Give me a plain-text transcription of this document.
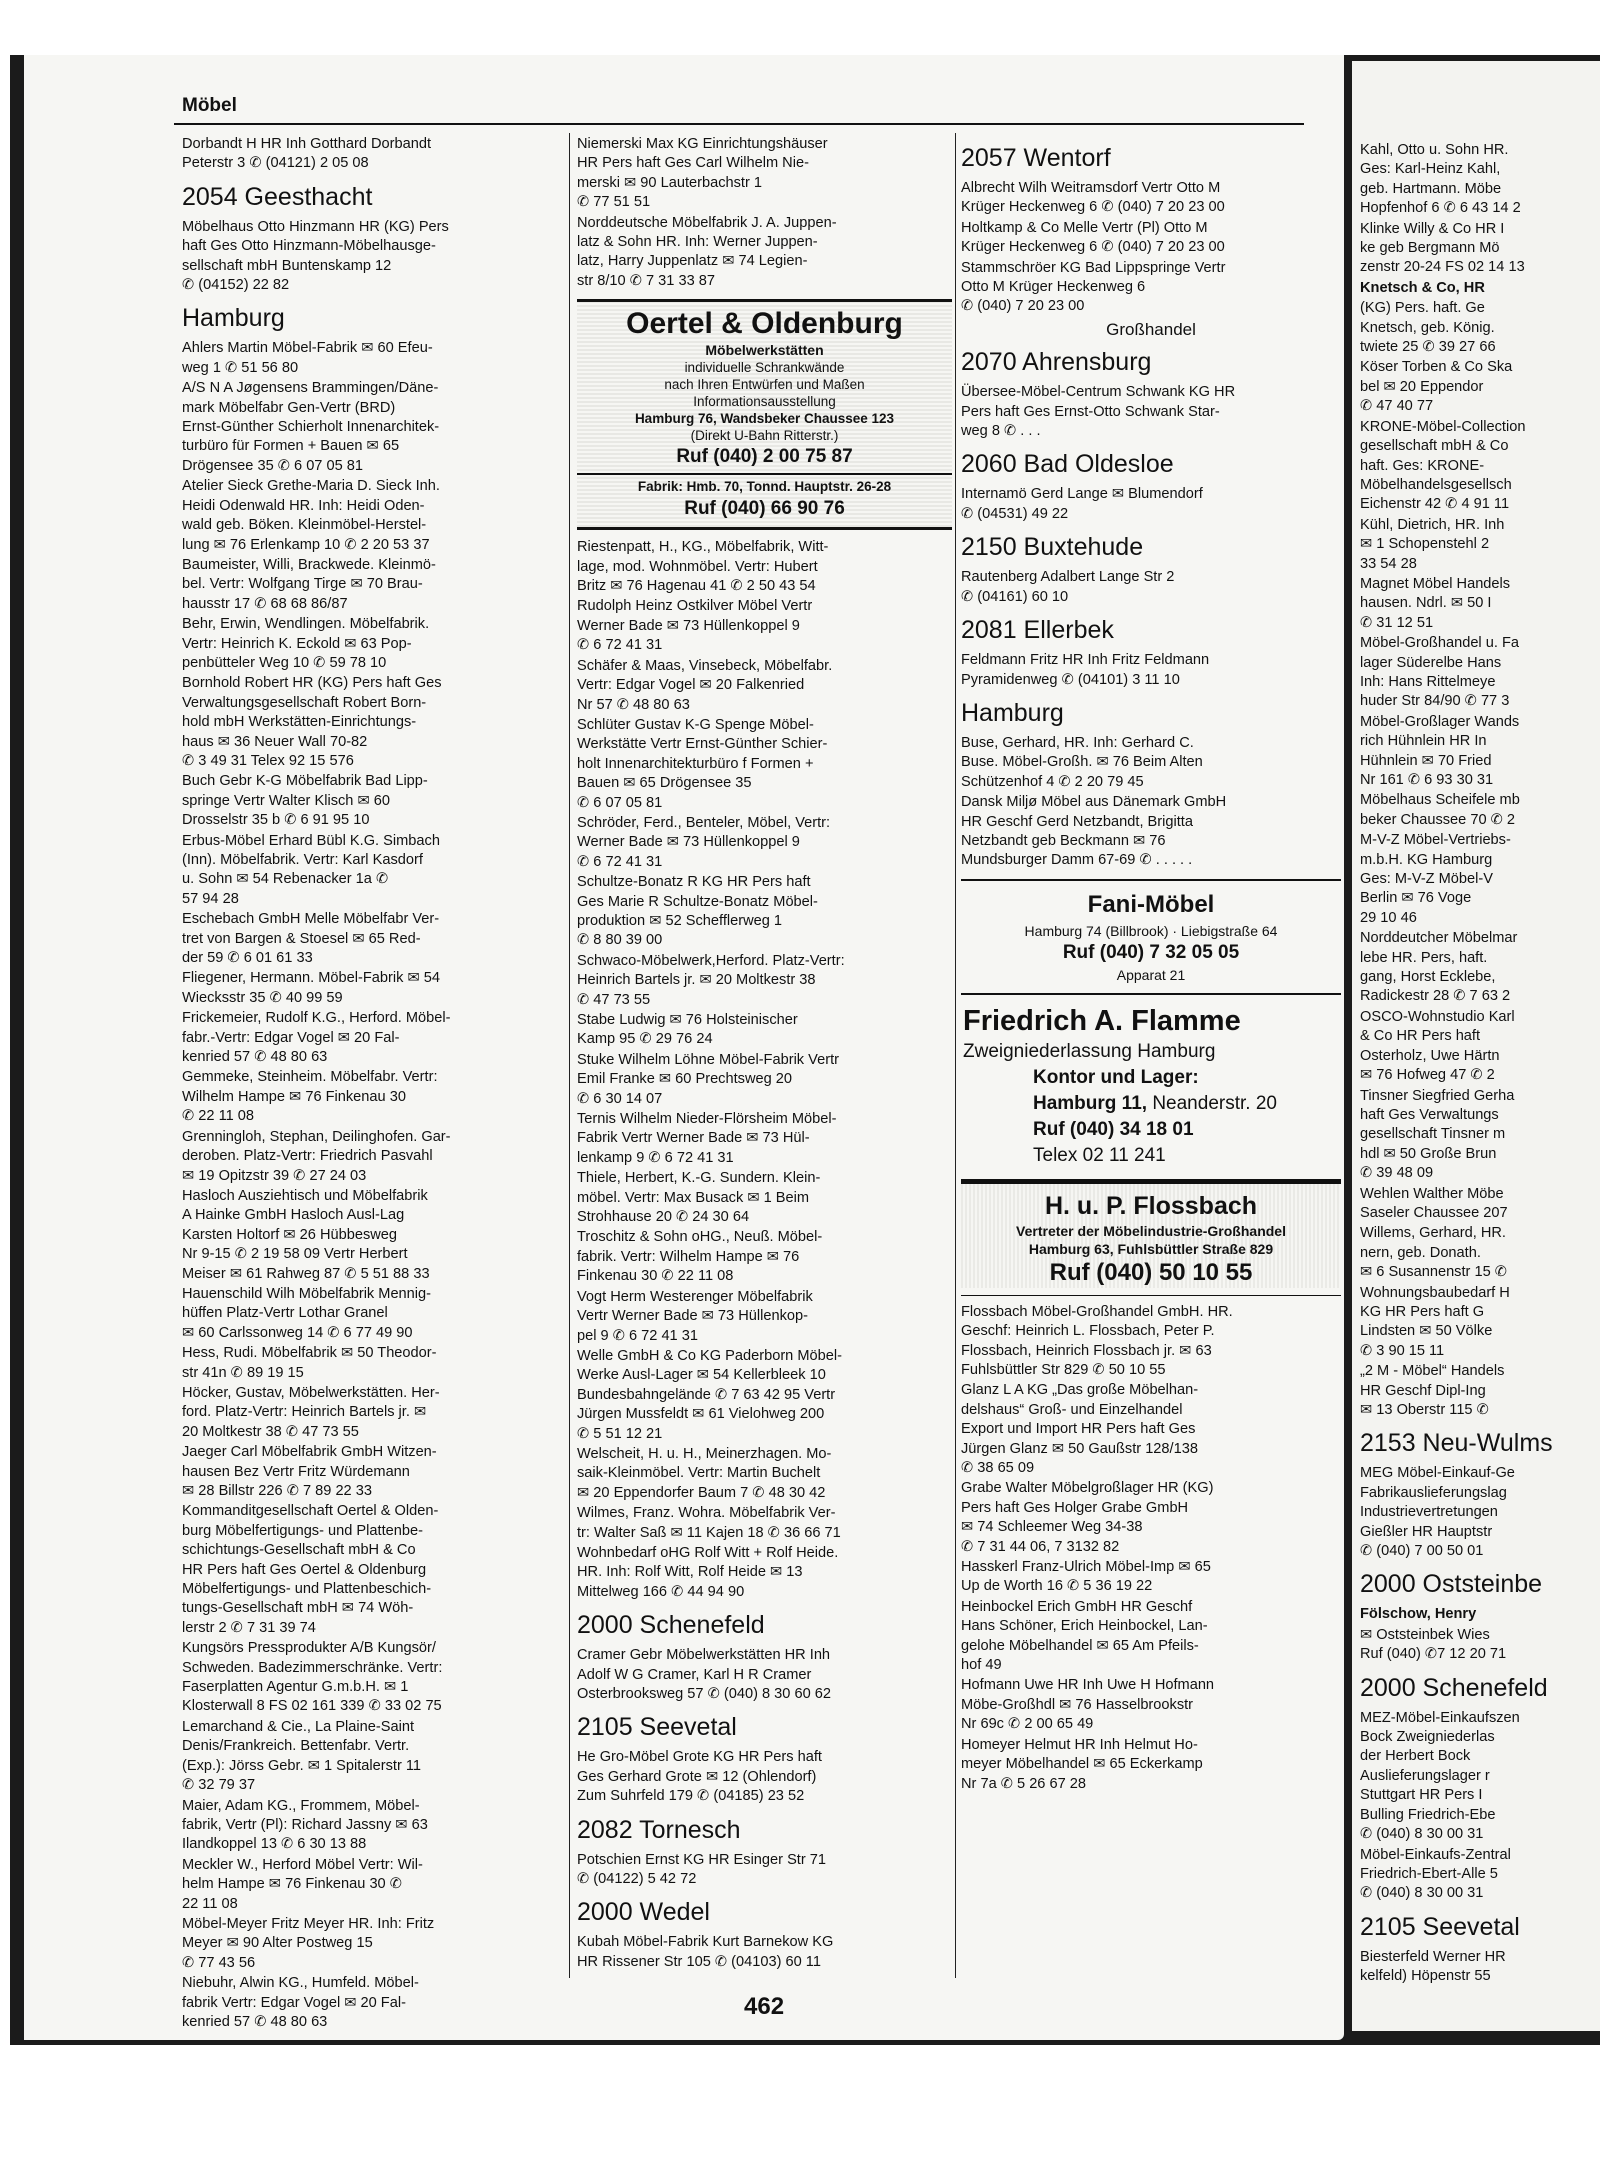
Möbel
Dorbandt H HR Inh Gotthard Dorbandt
Peterstr 3 ✆ (04121) 2 05 08
2054 Geesthacht
Möbelhaus Otto Hinzmann HR (KG) Pers
haft Ges Otto Hinzmann-Möbelhausge-
sellschaft mbH Buntenskamp 12
✆ (04152) 22 82
Hamburg
Ahlers Martin Möbel-Fabrik ✉ 60 Efeu-
weg 1 ✆ 51 56 80
A/S N A Jøgensens Brammingen/Däne-
mark Möbelfabr Gen-Vertr (BRD)
Ernst-Günther Schierholt Innenarchitek-
turbüro für Formen + Bauen ✉ 65
Drögensee 35 ✆ 6 07 05 81
Atelier Sieck Grethe-Maria D. Sieck Inh.
Heidi Odenwald HR. Inh: Heidi Oden-
wald geb. Böken. Kleinmöbel-Herstel-
lung ✉ 76 Erlenkamp 10 ✆ 2 20 53 37
Baumeister, Willi, Brackwede. Kleinmö-
bel. Vertr: Wolfgang Tirge ✉ 70 Brau-
hausstr 17 ✆ 68 68 86/87
Behr, Erwin, Wendlingen. Möbelfabrik.
Vertr: Heinrich K. Eckold ✉ 63 Pop-
penbütteler Weg 10 ✆ 59 78 10
Bornhold Robert HR (KG) Pers haft Ges
Verwaltungsgesellschaft Robert Born-
hold mbH Werkstätten-Einrichtungs-
haus ✉ 36 Neuer Wall 70-82
✆ 3 49 31 Telex 92 15 576
Buch Gebr K-G Möbelfabrik Bad Lipp-
springe Vertr Walter Klisch ✉ 60
Drosselstr 35 b ✆ 6 91 95 10
Erbus-Möbel Erhard Bübl K.G. Simbach
(Inn). Möbelfabrik. Vertr: Karl Kasdorf
u. Sohn ✉ 54 Rebenacker 1a ✆
57 94 28
Eschebach GmbH Melle Möbelfabr Ver-
tret von Bargen & Stoesel ✉ 65 Red-
der 59 ✆ 6 01 61 33
Fliegener, Hermann. Möbel-Fabrik ✉ 54
Wiecksstr 35 ✆ 40 99 59
Frickemeier, Rudolf K.G., Herford. Möbel-
fabr.-Vertr: Edgar Vogel ✉ 20 Fal-
kenried 57 ✆ 48 80 63
Gemmeke, Steinheim. Möbelfabr. Vertr:
Wilhelm Hampe ✉ 76 Finkenau 30
✆ 22 11 08
Grenningloh, Stephan, Deilinghofen. Gar-
deroben. Platz-Vertr: Friedrich Pasvahl
✉ 19 Opitzstr 39 ✆ 27 24 03
Hasloch Ausziehtisch und Möbelfabrik
A Hainke GmbH Hasloch Ausl-Lag
Karsten Holtorf ✉ 26 Hübbesweg
Nr 9-15 ✆ 2 19 58 09 Vertr Herbert
Meiser ✉ 61 Rahweg 87 ✆ 5 51 88 33
Hauenschild Wilh Möbelfabrik Mennig-
hüffen Platz-Vertr Lothar Granel
✉ 60 Carlssonweg 14 ✆ 6 77 49 90
Hess, Rudi. Möbelfabrik ✉ 50 Theodor-
str 41n ✆ 89 19 15
Höcker, Gustav, Möbelwerkstätten. Her-
ford. Platz-Vertr: Heinrich Bartels jr. ✉
20 Moltkestr 38 ✆ 47 73 55
Jaeger Carl Möbelfabrik GmbH Witzen-
hausen Bez Vertr Fritz Würdemann
✉ 28 Billstr 226 ✆ 7 89 22 33
Kommanditgesellschaft Oertel & Olden-
burg Möbelfertigungs- und Plattenbe-
schichtungs-Gesellschaft mbH & Co
HR Pers haft Ges Oertel & Oldenburg
Möbelfertigungs- und Plattenbeschich-
tungs-Gesellschaft mbH ✉ 74 Wöh-
lerstr 2 ✆ 7 31 39 74
Kungsörs Pressprodukter A/B Kungsör/
Schweden. Badezimmerschränke. Vertr:
Faserplatten Agentur G.m.b.H. ✉ 1
Klosterwall 8 FS 02 161 339 ✆ 33 02 75
Lemarchand & Cie., La Plaine-Saint
Denis/Frankreich. Bettenfabr. Vertr.
(Exp.): Jörss Gebr. ✉ 1 Spitalerstr 11
✆ 32 79 37
Maier, Adam KG., Frommem, Möbel-
fabrik, Vertr (Pl): Richard Jassny ✉ 63
Ilandkoppel 13 ✆ 6 30 13 88
Meckler W., Herford Möbel Vertr: Wil-
helm Hampe ✉ 76 Finkenau 30 ✆
22 11 08
Möbel-Meyer Fritz Meyer HR. Inh: Fritz
Meyer ✉ 90 Alter Postweg 15
✆ 77 43 56
Niebuhr, Alwin KG., Humfeld. Möbel-
fabrik Vertr: Edgar Vogel ✉ 20 Fal-
kenried 57 ✆ 48 80 63
Niemerski Max KG Einrichtungshäuser
HR Pers haft Ges Carl Wilhelm Nie-
merski ✉ 90 Lauterbachstr 1
✆ 77 51 51
Norddeutsche Möbelfabrik J. A. Juppen-
latz & Sohn HR. Inh: Werner Juppen-
latz, Harry Juppenlatz ✉ 74 Legien-
str 8/10 ✆ 7 31 33 87
Oertel & Oldenburg
Möbelwerkstätten
individuelle Schrankwände
nach Ihren Entwürfen und Maßen
Informationsausstellung
Hamburg 76, Wandsbeker Chaussee 123
(Direkt U-Bahn Ritterstr.)
Ruf (040) 2 00 75 87
Fabrik: Hmb. 70, Tonnd. Hauptstr. 26-28
Ruf (040) 66 90 76
Riestenpatt, H., KG., Möbelfabrik, Witt-
lage, mod. Wohnmöbel. Vertr: Hubert
Britz ✉ 76 Hagenau 41 ✆ 2 50 43 54
Rudolph Heinz Ostkilver Möbel Vertr
Werner Bade ✉ 73 Hüllenkoppel 9
✆ 6 72 41 31
Schäfer & Maas, Vinsebeck, Möbelfabr.
Vertr: Edgar Vogel ✉ 20 Falkenried
Nr 57 ✆ 48 80 63
Schlüter Gustav K-G Spenge Möbel-
Werkstätte Vertr Ernst-Günther Schier-
holt Innenarchitekturbüro f Formen +
Bauen ✉ 65 Drögensee 35
✆ 6 07 05 81
Schröder, Ferd., Benteler, Möbel, Vertr:
Werner Bade ✉ 73 Hüllenkoppel 9
✆ 6 72 41 31
Schultze-Bonatz R KG HR Pers haft
Ges Marie R Schultze-Bonatz Möbel-
produktion ✉ 52 Schefflerweg 1
✆ 8 80 39 00
Schwaco-Möbelwerk,Herford. Platz-Vertr:
Heinrich Bartels jr. ✉ 20 Moltkestr 38
✆ 47 73 55
Stabe Ludwig ✉ 76 Holsteinischer
Kamp 95 ✆ 29 76 24
Stuke Wilhelm Löhne Möbel-Fabrik Vertr
Emil Franke ✉ 60 Prechtsweg 20
✆ 6 30 14 07
Ternis Wilhelm Nieder-Flörsheim Möbel-
Fabrik Vertr Werner Bade ✉ 73 Hül-
lenkamp 9 ✆ 6 72 41 31
Thiele, Herbert, K.-G. Sundern. Klein-
möbel. Vertr: Max Busack ✉ 1 Beim
Strohhause 20 ✆ 24 30 64
Troschitz & Sohn oHG., Neuß. Möbel-
fabrik. Vertr: Wilhelm Hampe ✉ 76
Finkenau 30 ✆ 22 11 08
Vogt Herm Westerenger Möbelfabrik
Vertr Werner Bade ✉ 73 Hüllenkop-
pel 9 ✆ 6 72 41 31
Welle GmbH & Co KG Paderborn Möbel-
Werke Ausl-Lager ✉ 54 Kellerbleek 10
Bundesbahngelände ✆ 7 63 42 95 Vertr
Jürgen Mussfeldt ✉ 61 Vielohweg 200
✆ 5 51 12 21
Welscheit, H. u. H., Meinerzhagen. Mo-
saik-Kleinmöbel. Vertr: Martin Buchelt
✉ 20 Eppendorfer Baum 7 ✆ 48 30 42
Wilmes, Franz. Wohra. Möbelfabrik Ver-
tr: Walter Saß ✉ 11 Kajen 18 ✆ 36 66 71
Wohnbedarf oHG Rolf Witt + Rolf Heide.
HR. Inh: Rolf Witt, Rolf Heide ✉ 13
Mittelweg 166 ✆ 44 94 90
2000 Schenefeld
Cramer Gebr Möbelwerkstätten HR Inh
Adolf W G Cramer, Karl H R Cramer
Osterbrooksweg 57 ✆ (040) 8 30 60 62
2105 Seevetal
He Gro-Möbel Grote KG HR Pers haft
Ges Gerhard Grote ✉ 12 (Ohlendorf)
Zum Suhrfeld 179 ✆ (04185) 23 52
2082 Tornesch
Potschien Ernst KG HR Esinger Str 71
✆ (04122) 5 42 72
2000 Wedel
Kubah Möbel-Fabrik Kurt Barnekow KG
HR Rissener Str 105 ✆ (04103) 60 11
2057 Wentorf
Albrecht Wilh Weitramsdorf Vertr Otto M
Krüger Heckenweg 6 ✆ (040) 7 20 23 00
Holtkamp & Co Melle Vertr (Pl) Otto M
Krüger Heckenweg 6 ✆ (040) 7 20 23 00
Stammschröer KG Bad Lippspringe Vertr
Otto M Krüger Heckenweg 6
✆ (040) 7 20 23 00
Großhandel
2070 Ahrensburg
Übersee-Möbel-Centrum Schwank KG HR
Pers haft Ges Ernst-Otto Schwank Star-
weg 8 ✆ . . .
2060 Bad Oldesloe
Internamö Gerd Lange ✉ Blumendorf
✆ (04531) 49 22
2150 Buxtehude
Rautenberg Adalbert Lange Str 2
✆ (04161) 60 10
2081 Ellerbek
Feldmann Fritz HR Inh Fritz Feldmann
Pyramidenweg ✆ (04101) 3 11 10
Hamburg
Buse, Gerhard, HR. Inh: Gerhard C.
Buse. Möbel-Großh. ✉ 76 Beim Alten
Schützenhof 4 ✆ 2 20 79 45
Dansk Miljø Möbel aus Dänemark GmbH
HR Geschf Gerd Netzbandt, Brigitta
Netzbandt geb Beckmann ✉ 76
Mundsburger Damm 67-69 ✆ . . . . .
Fani-Möbel
Hamburg 74 (Billbrook) · Liebigstraße 64
Ruf (040) 7 32 05 05
Apparat 21
Friedrich A. Flamme
Zweigniederlassung Hamburg
Kontor und Lager:
Hamburg 11, Neanderstr. 20
Ruf (040) 34 18 01
Telex 02 11 241
H. u. P. Flossbach
Vertreter der Möbelindustrie-Großhandel
Hamburg 63, Fuhlsbüttler Straße 829
Ruf (040) 50 10 55
Flossbach Möbel-Großhandel GmbH. HR.
Geschf: Heinrich L. Flossbach, Peter P.
Flossbach, Heinrich Flossbach jr. ✉ 63
Fuhlsbüttler Str 829 ✆ 50 10 55
Glanz L A KG „Das große Möbelhan-
delshaus“ Groß- und Einzelhandel
Export und Import HR Pers haft Ges
Jürgen Glanz ✉ 50 Gaußstr 128/138
✆ 38 65 09
Grabe Walter Möbelgroßlager HR (KG)
Pers haft Ges Holger Grabe GmbH
✉ 74 Schleemer Weg 34-38
✆ 7 31 44 06, 7 3132 82
Hasskerl Franz-Ulrich Möbel-Imp ✉ 65
Up de Worth 16 ✆ 5 36 19 22
Heinbockel Erich GmbH HR Geschf
Hans Schöner, Erich Heinbockel, Lan-
gelohe Möbelhandel ✉ 65 Am Pfeils-
hof 49
Hofmann Uwe HR Inh Uwe H Hofmann
Möbe-Großhdl ✉ 76 Hasselbrookstr
Nr 69c ✆ 2 00 65 49
Homeyer Helmut HR Inh Helmut Ho-
meyer Möbelhandel ✉ 65 Eckerkamp
Nr 7a ✆ 5 26 67 28
462
Kahl, Otto u. Sohn HR.
Ges: Karl-Heinz Kahl,
geb. Hartmann. Möbe
Hopfenhof 6 ✆ 6 43 14 2
Klinke Willy & Co HR I
ke geb Bergmann Mö
zenstr 20-24 FS 02 14 13
Knetsch & Co, HR
(KG) Pers. haft. Ge
Knetsch, geb. König.
twiete 25 ✆ 39 27 66
Köser Torben & Co Ska
bel ✉ 20 Eppendor
✆ 47 40 77
KRONE-Möbel-Collection
gesellschaft mbH & Co
haft. Ges: KRONE-
Möbelhandelsgesellsch
Eichenstr 42 ✆ 4 91 11
Kühl, Dietrich, HR. Inh
✉ 1 Schopenstehl 2
33 54 28
Magnet Möbel Handels
hausen. Ndrl. ✉ 50 I
✆ 31 12 51
Möbel-Großhandel u. Fa
lager Süderelbe Hans
Inh: Hans Rittelmeye
huder Str 84/90 ✆ 77 3
Möbel-Großlager Wands
rich Hühnlein HR In
Hühnlein ✉ 70 Fried
Nr 161 ✆ 6 93 30 31
Möbelhaus Scheifele mb
beker Chaussee 70 ✆ 2
M-V-Z Möbel-Vertriebs-
m.b.H. KG Hamburg
Ges: M-V-Z Möbel-V
Berlin ✉ 76 Voge
29 10 46
Norddeutcher Möbelmar
lebe HR. Pers, haft.
gang, Horst Ecklebe,
Radickestr 28 ✆ 7 63 2
OSCO-Wohnstudio Karl
& Co HR Pers haft
Osterholz, Uwe Härtn
✉ 76 Hofweg 47 ✆ 2
Tinsner Siegfried Gerha
haft Ges Verwaltungs
gesellschaft Tinsner m
hdl ✉ 50 Große Brun
✆ 39 48 09
Wehlen Walther Möbe
Saseler Chaussee 207
Willems, Gerhard, HR.
nern, geb. Donath.
✉ 6 Susannenstr 15 ✆
Wohnungsbaubedarf H
KG HR Pers haft G
Lindsten ✉ 50 Völke
✆ 3 90 15 11
„2 M - Möbel“ Handels
HR Geschf Dipl-Ing
✉ 13 Oberstr 115 ✆
2153 Neu-Wulms
MEG Möbel-Einkauf-Ge
Fabrikauslieferungslag
Industrievertretungen
Gießler HR Hauptstr
✆ (040) 7 00 50 01
2000 Oststeinbe
Fölschow, Henry
✉ Oststeinbek Wies
Ruf (040) ✆7 12 20 71
2000 Schenefeld
MEZ-Möbel-Einkaufszen
Bock Zweigniederlas
der Herbert Bock
Auslieferungslager r
Stuttgart HR Pers I
Bulling Friedrich-Ebe
✆ (040) 8 30 00 31
Möbel-Einkaufs-Zentral
Friedrich-Ebert-Alle 5
✆ (040) 8 30 00 31
2105 Seevetal
Biesterfeld Werner HR
kelfeld) Höpenstr 55
